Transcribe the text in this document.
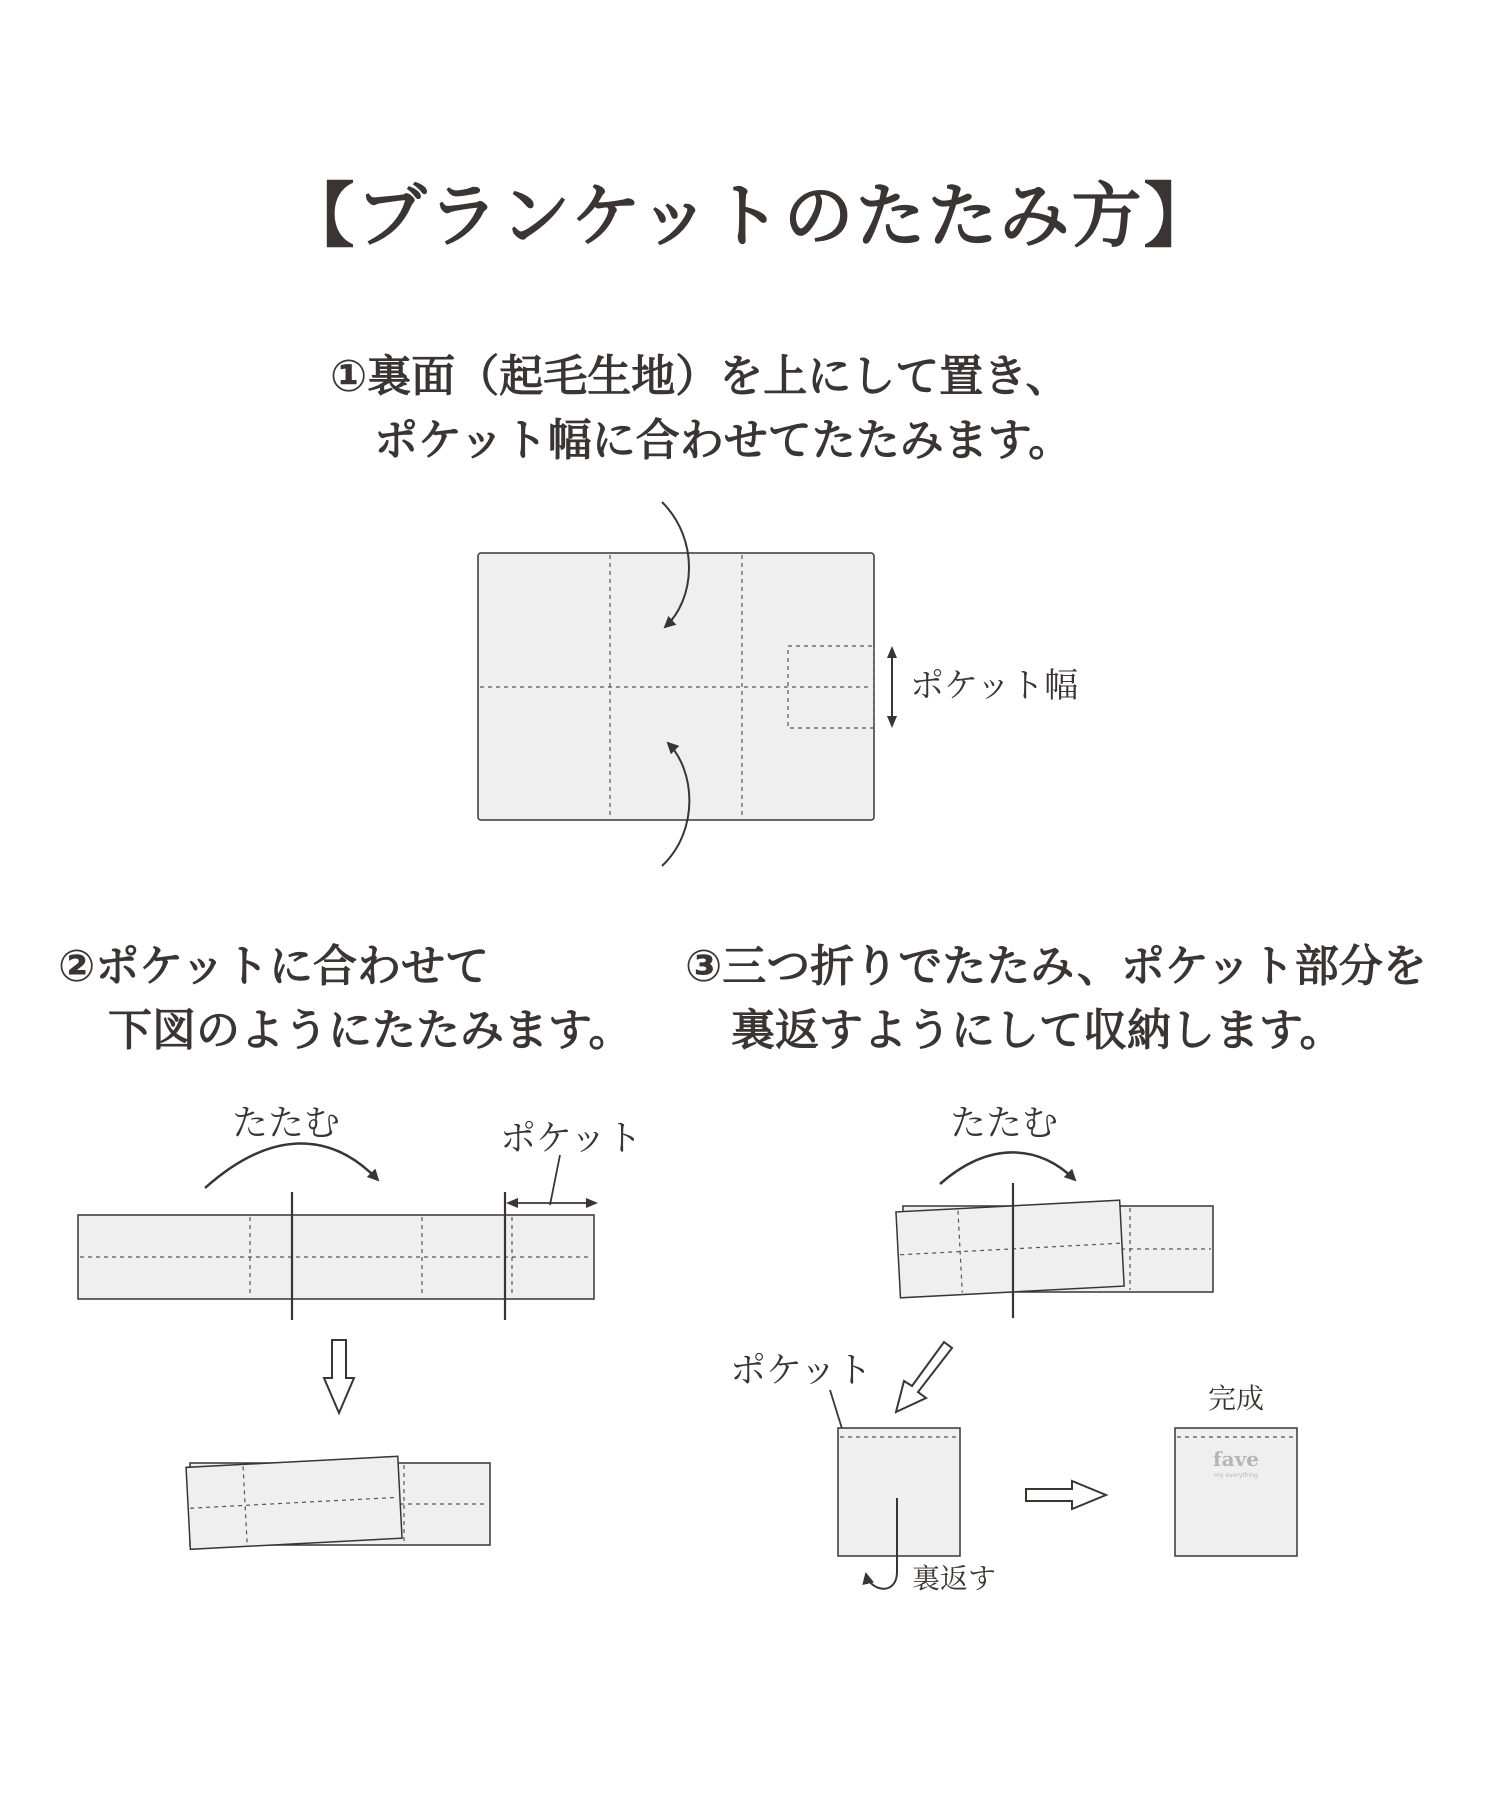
【ブランケットのたたみ方】
①裏面（起毛生地）を上にして置き、
ポケット幅に合わせてたたみます。
②ポケットに合わせて
下図のようにたたみます。
③三つ折りでたたみ、ポケット部分を
裏返すようにして収納します。
ポケット幅
たたむ	ポケット	たたむ
ポケット
裏返す
完成
fave
my everything
